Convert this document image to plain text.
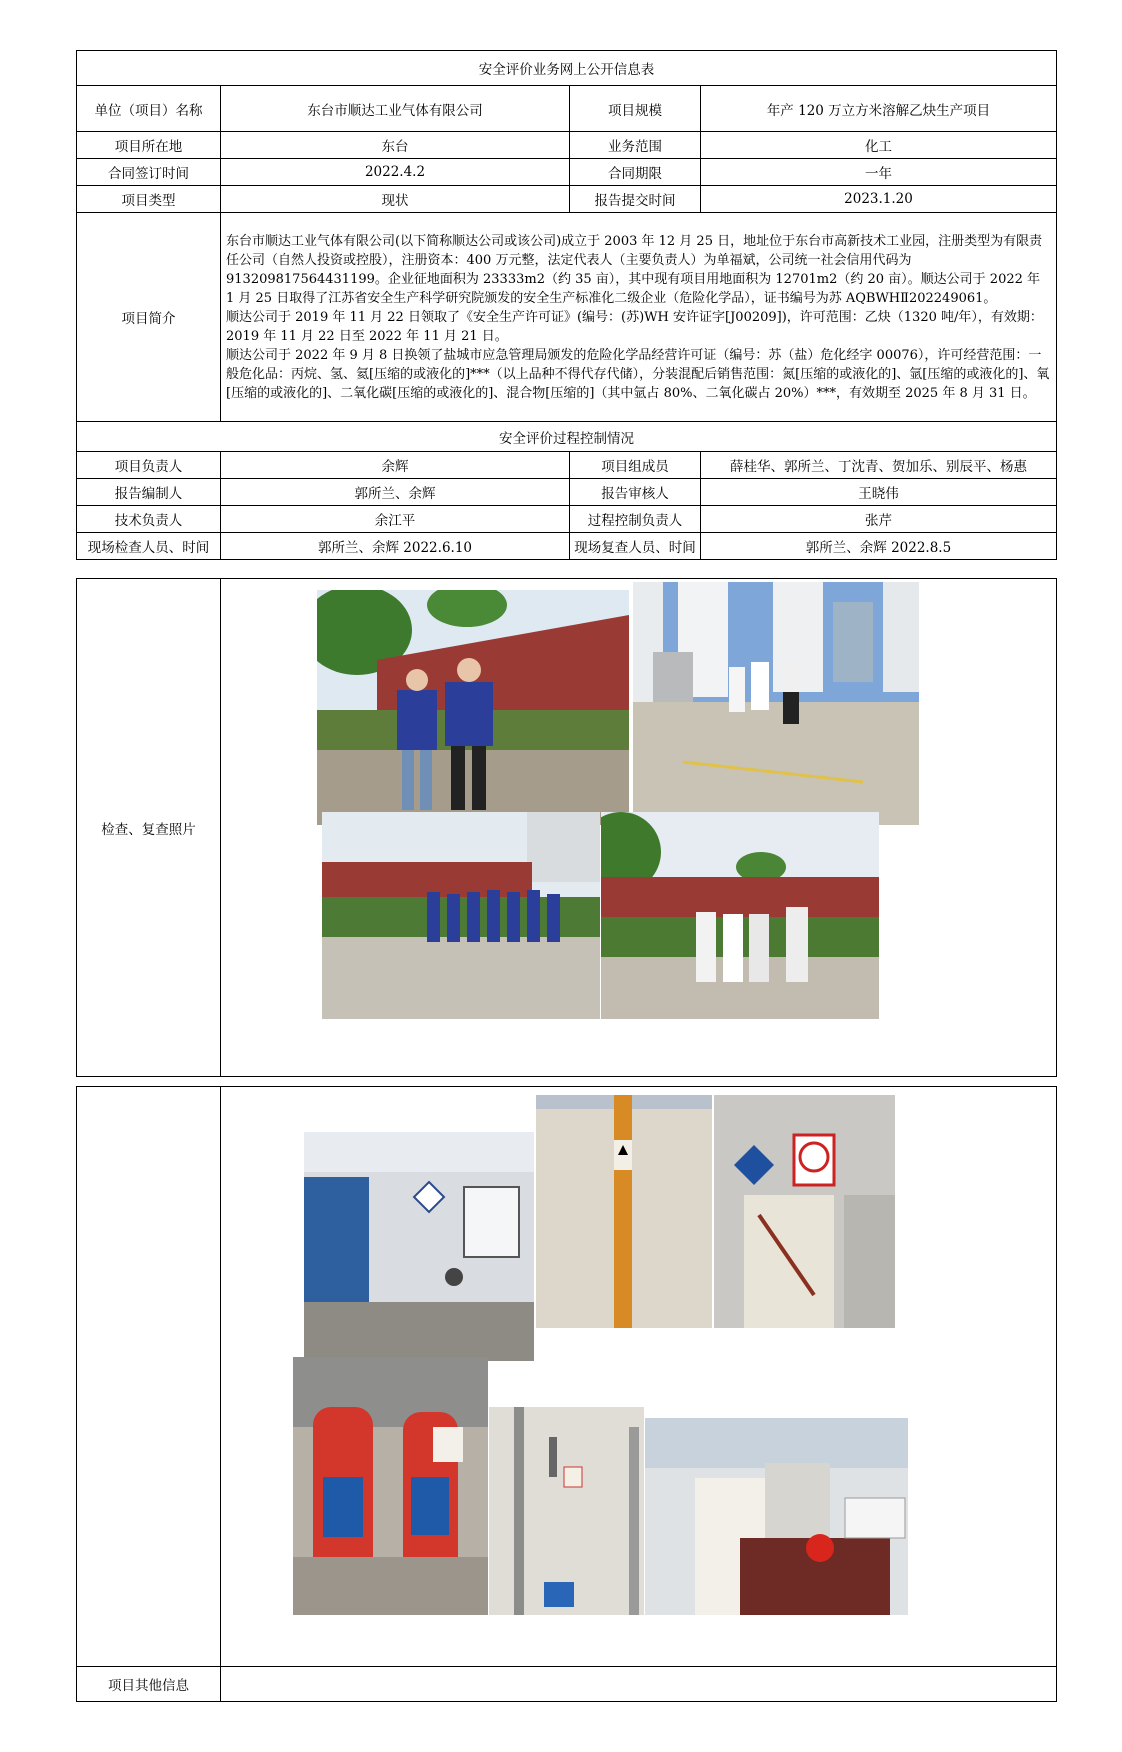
安全评价业务网上公开信息表			
单位（项目）名称	东台市顺达工业气体有限公司	项目规模	年产 120 万立方米溶解乙炔生产项目
项目所在地	东台	业务范围	化工
合同签订时间	2022.4.2	合同期限	一年
项目类型	现状	报告提交时间	2023.1.20
项目简介	东台市顺达工业气体有限公司(以下简称顺达公司或该公司)成立于 2003 年 12 月 25 日，地址位于东台市高新技术工业园，注册类型为有限责任公司（自然人投资或控股），注册资本：400 万元整，法定代表人（主要负责人）为单福斌，公司统一社会信用代码为 913209817564431199。企业征地面积为 23333m2（约 35 亩），其中现有项目用地面积为 12701m2（约 20 亩）。顺达公司于 2022 年 1 月 25 日取得了江苏省安全生产科学研究院颁发的安全生产标准化二级企业（危险化学品），证书编号为苏 AQBWHⅡ202249061。

顺达公司于 2019 年 11 月 22 日领取了《安全生产许可证》(编号：(苏)WH 安许证字[J00209])，许可范围：乙炔（1320 吨/年），有效期：2019 年 11 月 22 日至 2022 年 11 月 21 日。

顺达公司于 2022 年 9 月 8 日换领了盐城市应急管理局颁发的危险化学品经营许可证（编号：苏（盐）危化经字 00076），许可经营范围：一般危化品：丙烷、氢、氦[压缩的或液化的]***（以上品种不得代存代储），分装混配后销售范围：氮[压缩的或液化的]、氩[压缩的或液化的]、氧[压缩的或液化的]、二氧化碳[压缩的或液化的]、混合物[压缩的]（其中氩占 80%、二氧化碳占 20%）***，有效期至 2025 年 8 月 31 日。		

安全评价过程控制情况			
项目负责人	余辉	项目组成员	薛桂华、郭所兰、丁沈青、贺加乐、别辰平、杨惠
报告编制人	郭所兰、余辉	报告审核人	王晓伟
技术负责人	余江平	过程控制负责人	张芹
现场检查人员、时间	郭所兰、余辉 2022.6.10	现场复查人员、时间	郭所兰、余辉 2022.8.5
检查、复查照片	

项目其他信息	
